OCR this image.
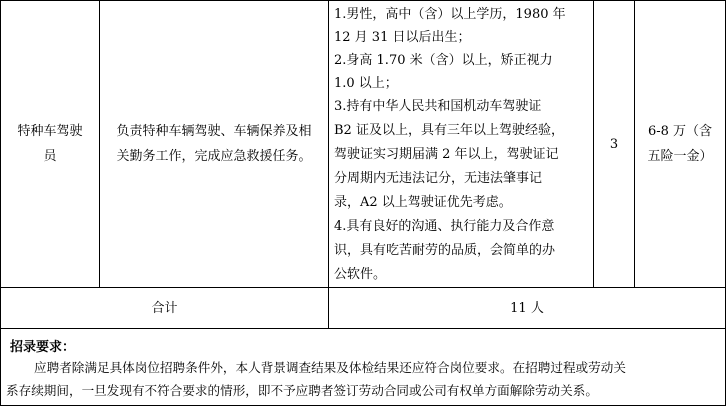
特种车驾驶
员
负责特种车辆驾驶、车辆保养及相
关勤务工作，完成应急救援任务。
1.男性，高中（含）以上学历，1980 年
12 月 31 日以后出生；
2.身高 1.70 米（含）以上，矫正视力
1.0 以上；
3.持有中华人民共和国机动车驾驶证
B2 证及以上，具有三年以上驾驶经验，
驾驶证实习期届满 2 年以上，驾驶证记
分周期内无违法记分，无违法肇事记
录，A2 以上驾驶证优先考虑。
4.具有良好的沟通、执行能力及合作意
识，具有吃苦耐劳的品质，会简单的办
公软件。
3
6-8 万（含
五险一金）
合计	11 人
招录要求：
应聘者除满足具体岗位招聘条件外，本人背景调查结果及体检结果还应符合岗位要求。在招聘过程或劳动关
系存续期间，一旦发现有不符合要求的情形，即不予应聘者签订劳动合同或公司有权单方面解除劳动关系。
